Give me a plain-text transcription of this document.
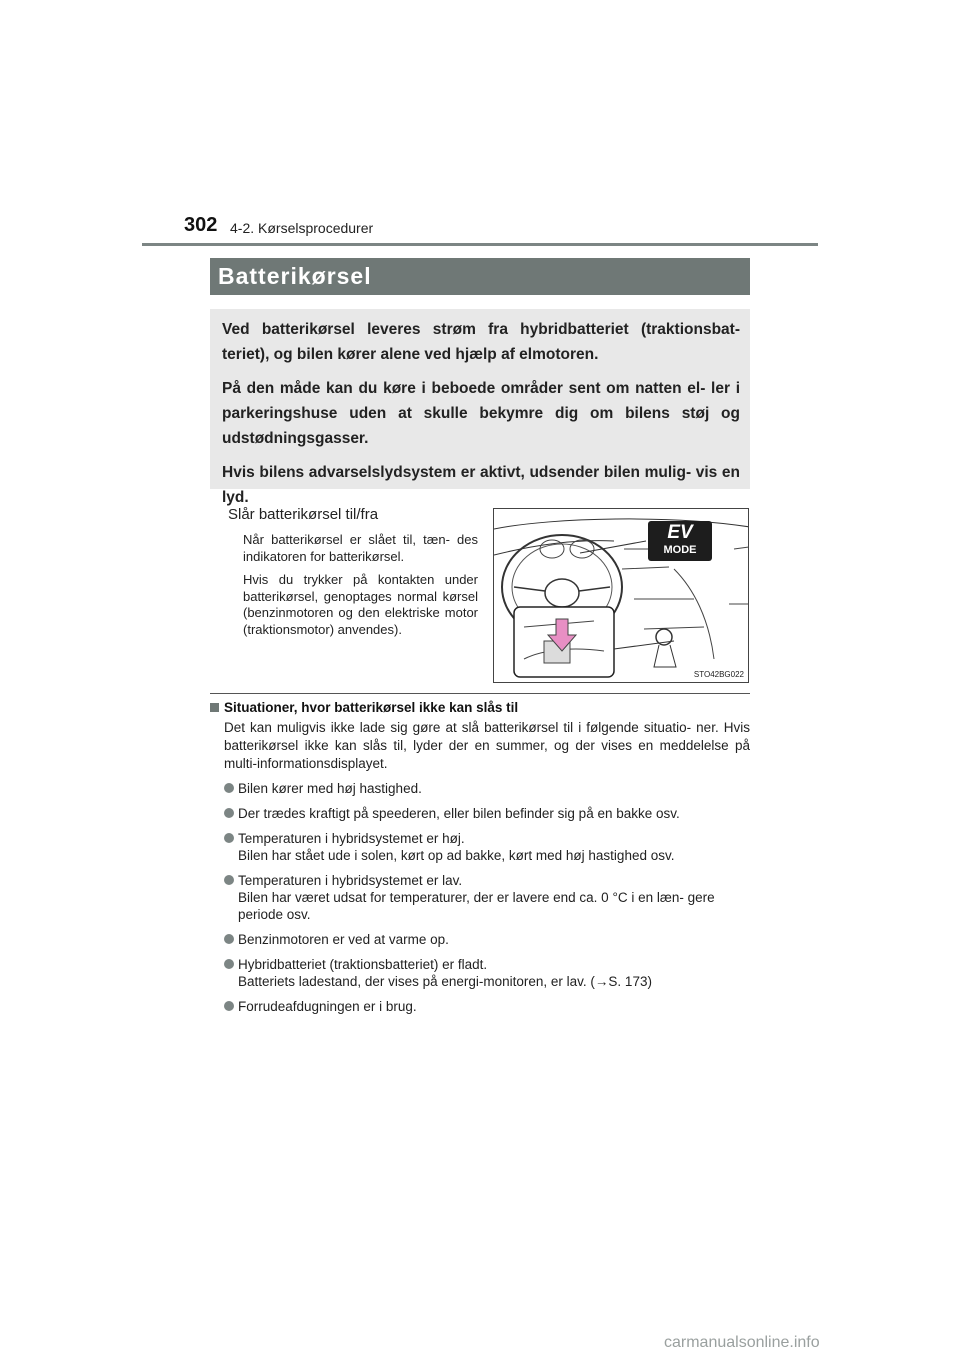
302 4-2. Kørselsprocedurer
Batterikørsel

Ved batterikørsel leveres strøm fra hybridbatteriet (traktionsbat- teriet), og bilen kører alene ved hjælp af elmotoren.

På den måde kan du køre i beboede områder sent om natten el- ler i parkeringshuse uden at skulle bekymre dig om bilens støj og udstødningsgasser.

Hvis bilens advarselslydsystem er aktivt, udsender bilen mulig- vis en lyd.

Slår batterikørsel til/fra

Når batterikørsel er slået til, tæn- des indikatoren for batterikørsel.

Hvis du trykker på kontakten under batterikørsel, genoptages normal kørsel (benzinmotoren og den elektriske motor (traktionsmotor) anvendes).

EV
MODE
STO42BG022
Situationer, hvor batterikørsel ikke kan slås til
Det kan muligvis ikke lade sig gøre at slå batterikørsel til i følgende situatio- ner. Hvis batterikørsel ikke kan slås til, lyder der en summer, og der vises en meddelelse på multi-informationsdisplayet.
Bilen kører med høj hastighed.
Der trædes kraftigt på speederen, eller bilen befinder sig på en bakke osv.
Temperaturen i hybridsystemet er høj.
Bilen har stået ude i solen, kørt op ad bakke, kørt med høj hastighed osv.
Temperaturen i hybridsystemet er lav.
Bilen har været udsat for temperaturer, der er lavere end ca. 0 °C i en læn- gere periode osv.
Benzinmotoren er ved at varme op.
Hybridbatteriet (traktionsbatteriet) er fladt.
Batteriets ladestand, der vises på energi-monitoren, er lav. (→S. 173)
Forrudeafdugningen er i brug.
carmanualsonline.info
